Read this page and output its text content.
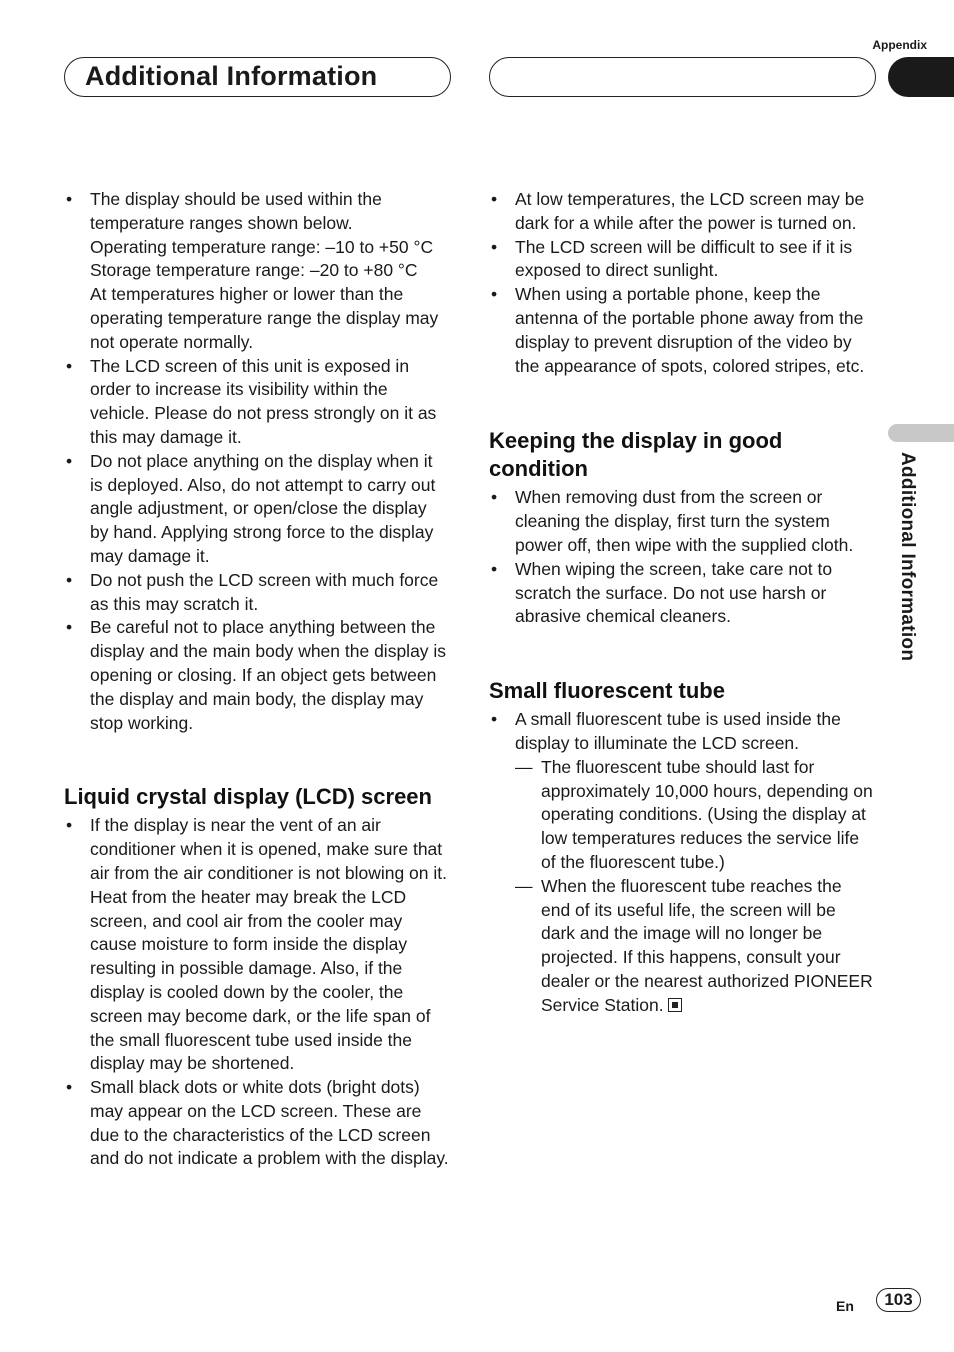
Appendix
Additional Information
Additional Information
• The display should be used within the temperature ranges shown below.
Operating temperature range: –10 to +50 °C
Storage temperature range: –20 to +80 °C
At temperatures higher or lower than the operating temperature range the display may not operate normally.
• The LCD screen of this unit is exposed in order to increase its visibility within the vehicle. Please do not press strongly on it as this may damage it.
• Do not place anything on the display when it is deployed. Also, do not attempt to carry out angle adjustment, or open/close the display by hand. Applying strong force to the display may damage it.
• Do not push the LCD screen with much force as this may scratch it.
• Be careful not to place anything between the display and the main body when the display is opening or closing. If an object gets between the display and main body, the display may stop working.
Liquid crystal display (LCD) screen
• If the display is near the vent of an air conditioner when it is opened, make sure that air from the air conditioner is not blowing on it. Heat from the heater may break the LCD screen, and cool air from the cooler may cause moisture to form inside the display resulting in possible damage. Also, if the display is cooled down by the cooler, the screen may become dark, or the life span of the small fluorescent tube used inside the display may be shortened.
• Small black dots or white dots (bright dots) may appear on the LCD screen. These are due to the characteristics of the LCD screen and do not indicate a problem with the display.
• At low temperatures, the LCD screen may be dark for a while after the power is turned on.
• The LCD screen will be difficult to see if it is exposed to direct sunlight.
• When using a portable phone, keep the antenna of the portable phone away from the display to prevent disruption of the video by the appearance of spots, colored stripes, etc.
Keeping the display in good condition
• When removing dust from the screen or cleaning the display, first turn the system power off, then wipe with the supplied cloth.
• When wiping the screen, take care not to scratch the surface. Do not use harsh or abrasive chemical cleaners.
Small fluorescent tube
• A small fluorescent tube is used inside the display to illuminate the LCD screen.
— The fluorescent tube should last for approximately 10,000 hours, depending on operating conditions. (Using the display at low temperatures reduces the service life of the fluorescent tube.)
— When the fluorescent tube reaches the end of its useful life, the screen will be dark and the image will no longer be projected. If this happens, consult your dealer or the nearest authorized PIONEER Service Station.
En	103
